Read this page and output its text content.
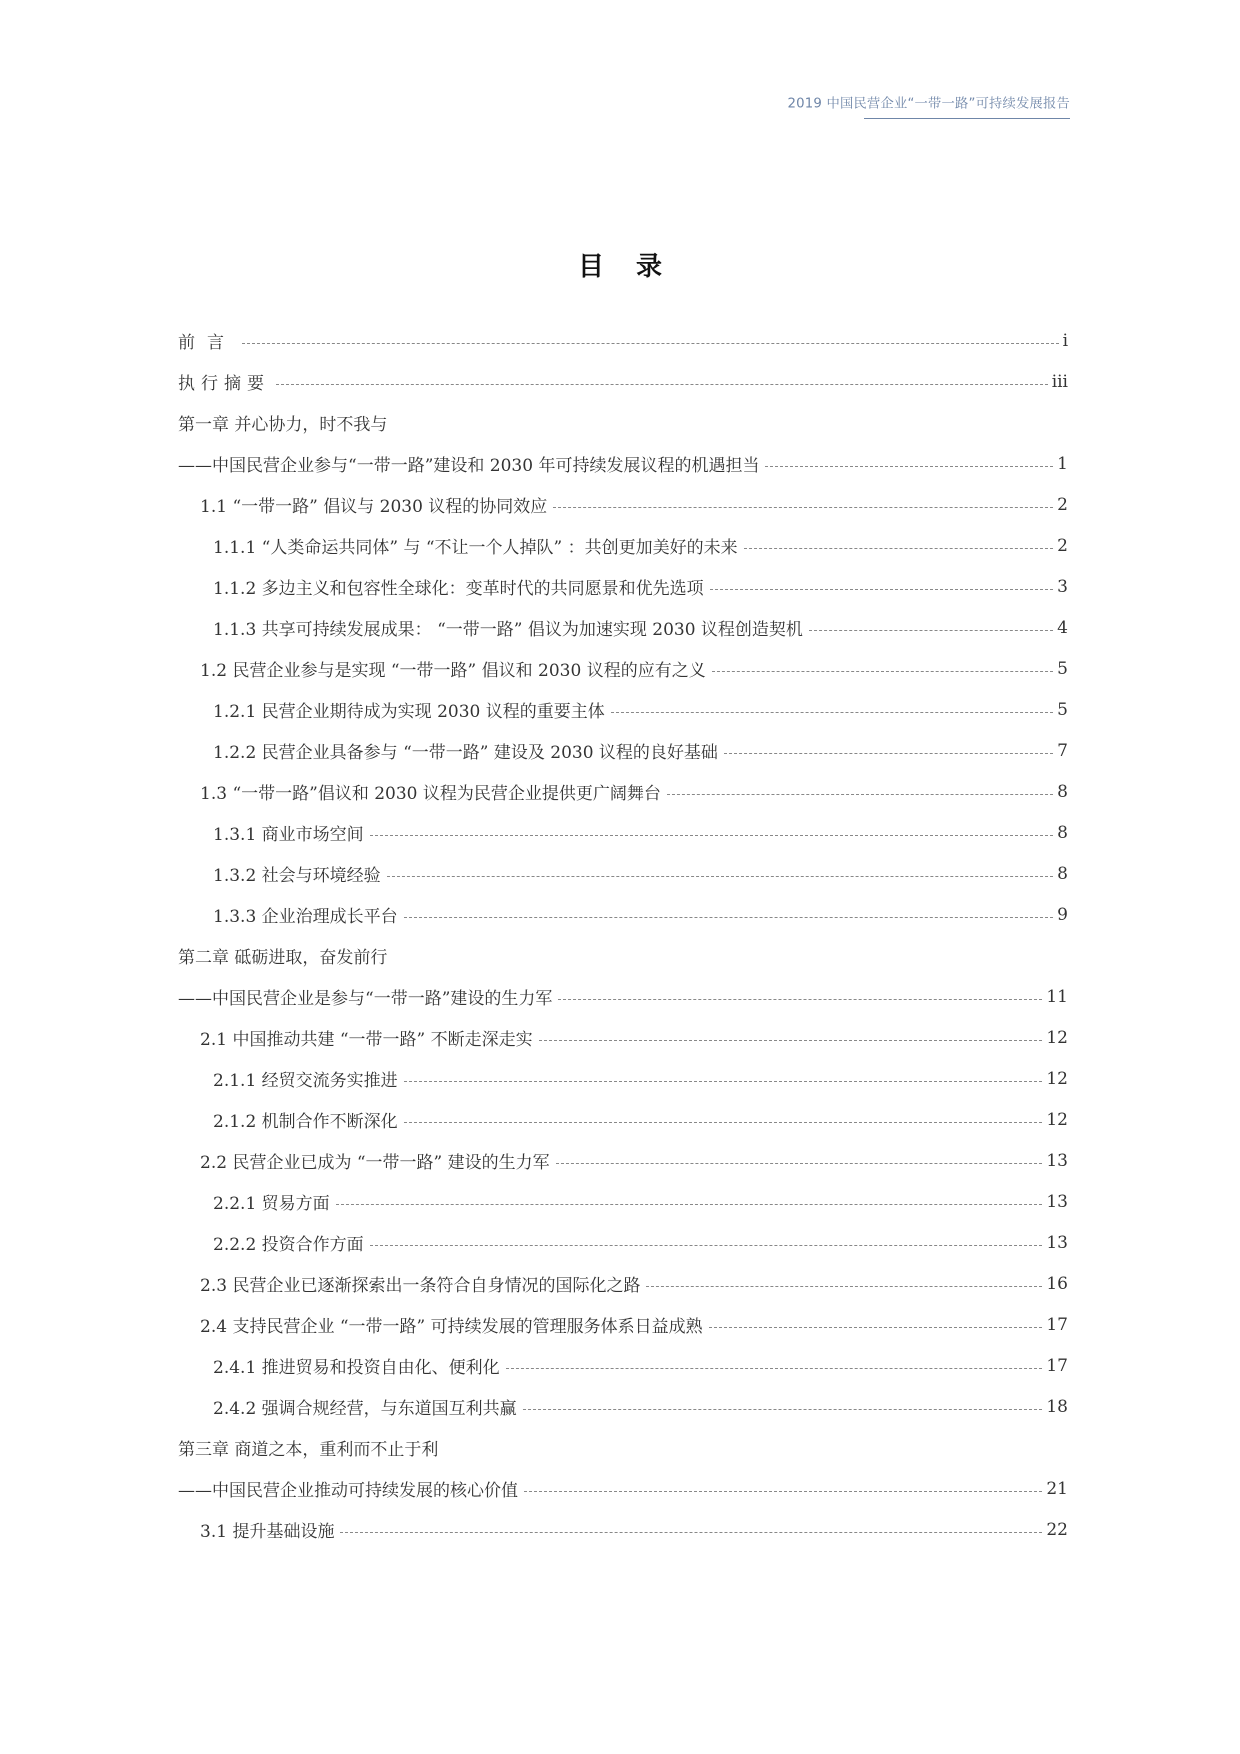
2019 中国民营企业“一带一路”可持续发展报告
目录
前言	i
执行摘要	iii
第一章 并心协力，时不我与
——中国民营企业参与“一带一路”建设和 2030 年可持续发展议程的机遇担当	1
1.1 “一带一路” 倡议与 2030 议程的协同效应	2
1.1.1 “人类命运共同体” 与 “不让一个人掉队” ：共创更加美好的未来	2
1.1.2 多边主义和包容性全球化：变革时代的共同愿景和优先选项	3
1.1.3 共享可持续发展成果： “一带一路” 倡议为加速实现 2030 议程创造契机	4
1.2 民营企业参与是实现 “一带一路” 倡议和 2030 议程的应有之义	5
1.2.1 民营企业期待成为实现 2030 议程的重要主体	5
1.2.2 民营企业具备参与 “一带一路” 建设及 2030 议程的良好基础	7
1.3 “一带一路”倡议和 2030 议程为民营企业提供更广阔舞台	8
1.3.1 商业市场空间	8
1.3.2 社会与环境经验	8
1.3.3 企业治理成长平台	9
第二章 砥砺进取，奋发前行
——中国民营企业是参与“一带一路”建设的生力军	11
2.1 中国推动共建 “一带一路” 不断走深走实	12
2.1.1 经贸交流务实推进	12
2.1.2 机制合作不断深化	12
2.2 民营企业已成为 “一带一路” 建设的生力军	13
2.2.1 贸易方面	13
2.2.2 投资合作方面	13
2.3 民营企业已逐渐探索出一条符合自身情况的国际化之路	16
2.4 支持民营企业 “一带一路” 可持续发展的管理服务体系日益成熟	17
2.4.1 推进贸易和投资自由化、便利化	17
2.4.2 强调合规经营，与东道国互利共赢	18
第三章 商道之本，重利而不止于利
——中国民营企业推动可持续发展的核心价值	21
3.1 提升基础设施	22
